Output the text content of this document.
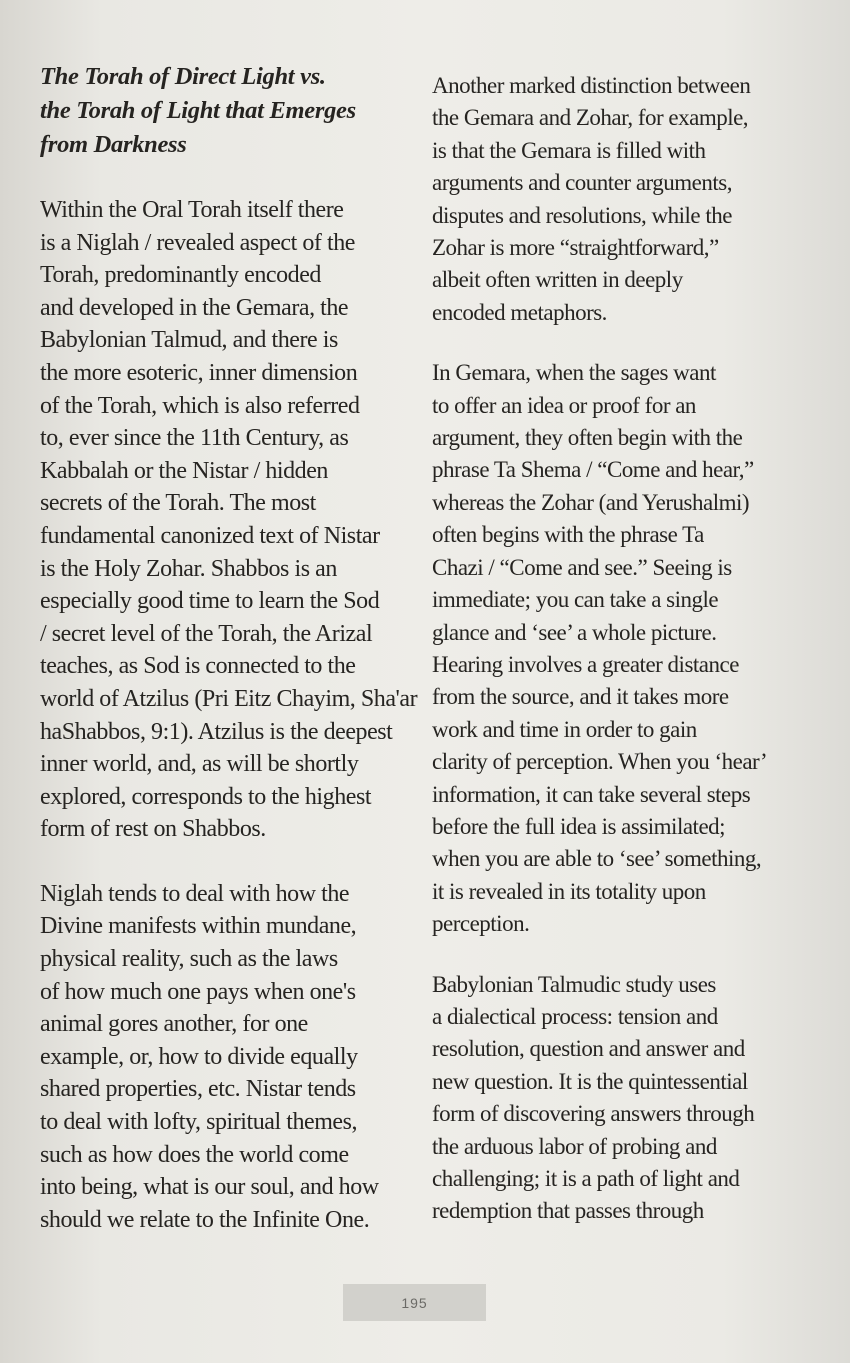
The Torah of Direct Light vs.
the Torah of Light that Emerges
from Darkness
Within the Oral Torah itself there
is a Niglah / revealed aspect of the
Torah, predominantly encoded
and developed in the Gemara, the
Babylonian Talmud, and there is
the more esoteric, inner dimension
of the Torah, which is also referred
to, ever since the 11th Century, as
Kabbalah or the Nistar / hidden
secrets of the Torah. The most
fundamental canonized text of Nistar
is the Holy Zohar. Shabbos is an
especially good time to learn the Sod
/ secret level of the Torah, the Arizal
teaches, as Sod is connected to the
world of Atzilus (Pri Eitz Chayim, Sha'ar
haShabbos, 9:1). Atzilus is the deepest
inner world, and, as will be shortly
explored, corresponds to the highest
form of rest on Shabbos.
Niglah tends to deal with how the
Divine manifests within mundane,
physical reality, such as the laws
of how much one pays when one's
animal gores another, for one
example, or, how to divide equally
shared properties, etc. Nistar tends
to deal with lofty, spiritual themes,
such as how does the world come
into being, what is our soul, and how
should we relate to the Infinite One.
Another marked distinction between
the Gemara and Zohar, for example,
is that the Gemara is filled with
arguments and counter arguments,
disputes and resolutions, while the
Zohar is more “straightforward,”
albeit often written in deeply
encoded metaphors.
In Gemara, when the sages want
to offer an idea or proof for an
argument, they often begin with the
phrase Ta Shema / “Come and hear,”
whereas the Zohar (and Yerushalmi)
often begins with the phrase Ta
Chazi / “Come and see.” Seeing is
immediate; you can take a single
glance and ‘see’ a whole picture.
Hearing involves a greater distance
from the source, and it takes more
work and time in order to gain
clarity of perception. When you ‘hear’
information, it can take several steps
before the full idea is assimilated;
when you are able to ‘see’ something,
it is revealed in its totality upon
perception.
Babylonian Talmudic study uses
a dialectical process: tension and
resolution, question and answer and
new question. It is the quintessential
form of discovering answers through
the arduous labor of probing and
challenging; it is a path of light and
redemption that passes through
195
